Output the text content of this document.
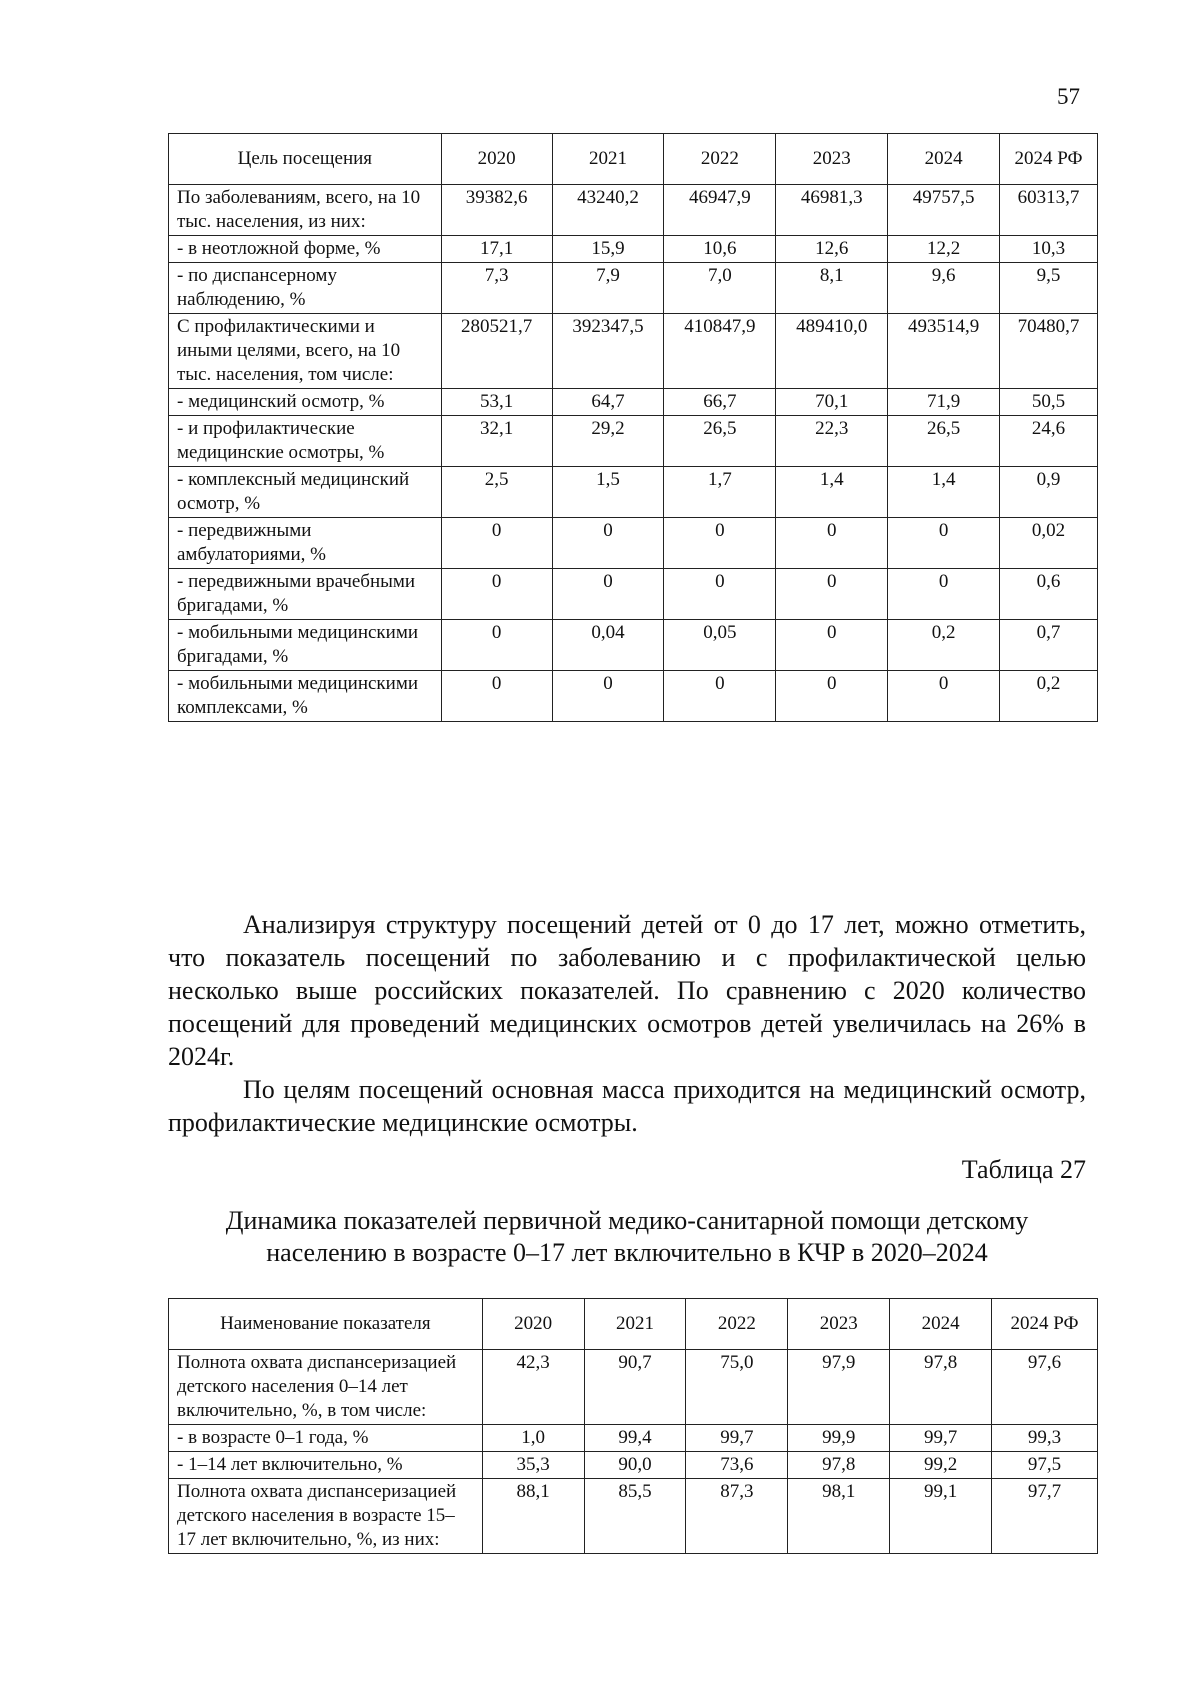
57
Цель посещения	2020	2021	2022	2023	2024	2024 РФ
По заболеваниям, всего, на 10 тыс. населения, из них:	39382,6	43240,2	46947,9	46981,3	49757,5	60313,7
- в неотложной форме, %	17,1	15,9	10,6	12,6	12,2	10,3
- по диспансерному наблюдению, %	7,3	7,9	7,0	8,1	9,6	9,5
С профилактическими и иными целями, всего, на 10 тыс. населения, том числе:	280521,7	392347,5	410847,9	489410,0	493514,9	70480,7
- медицинский осмотр, %	53,1	64,7	66,7	70,1	71,9	50,5
- и профилактические медицинские осмотры, %	32,1	29,2	26,5	22,3	26,5	24,6
- комплексный медицинский осмотр, %	2,5	1,5	1,7	1,4	1,4	0,9
- передвижными амбулаториями, %	0	0	0	0	0	0,02
- передвижными врачебными бригадами, %	0	0	0	0	0	0,6
- мобильными медицинскими бригадами, %	0	0,04	0,05	0	0,2	0,7
- мобильными медицинскими комплексами, %	0	0	0	0	0	0,2

Анализируя структуру посещений детей от 0 до 17 лет, можно отметить, что показатель посещений по заболеванию и с профилактической целью несколько выше российских показателей. По сравнению с 2020 количество посещений для проведений медицинских осмотров детей увеличилась на 26% в 2024г.

По целям посещений основная масса приходится на медицинский осмотр, профилактические медицинские осмотры.

Таблица 27
Динамика показателей первичной медико-санитарной помощи детскому населению в возрасте 0–17 лет включительно в КЧР в 2020–2024
Наименование показателя	2020	2021	2022	2023	2024	2024 РФ
Полнота охвата диспансеризацией детского населения 0–14 лет включительно, %, в том числе:	42,3	90,7	75,0	97,9	97,8	97,6
- в возрасте 0–1 года, %	1,0	99,4	99,7	99,9	99,7	99,3
- 1–14 лет включительно, %	35,3	90,0	73,6	97,8	99,2	97,5
Полнота охвата диспансеризацией детского населения в возрасте 15–17 лет включительно, %, из них:	88,1	85,5	87,3	98,1	99,1	97,7
